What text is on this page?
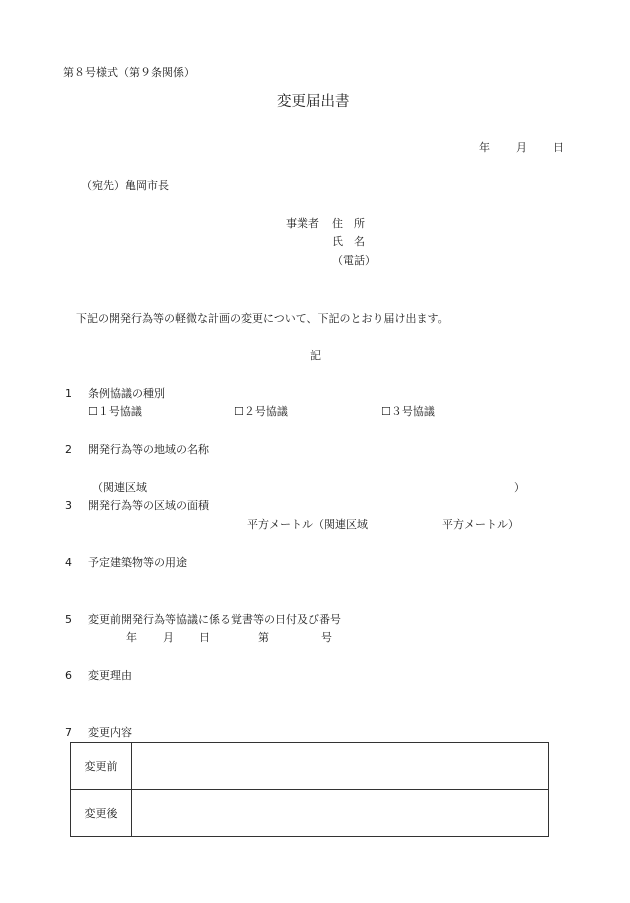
第８号様式（第９条関係）
変更届出書
年 月 日
（宛先）亀岡市長
事業者 住　所
氏　名
（電話）
下記の開発行為等の軽微な計画の変更について、下記のとおり届け出ます。
記
1 条例協議の種別
☐１号協議	☐２号協議	☐３号協議
2 開発行為等の地域の名称
（関連区域	）
3 開発行為等の区域の面積
平方メートル（関連区域	平方メートル）
4 予定建築物等の用途
5 変更前開発行為等協議に係る覚書等の日付及び番号
年 月 日	第	号
6 変更理由
7 変更内容
変更前	
変更後	
